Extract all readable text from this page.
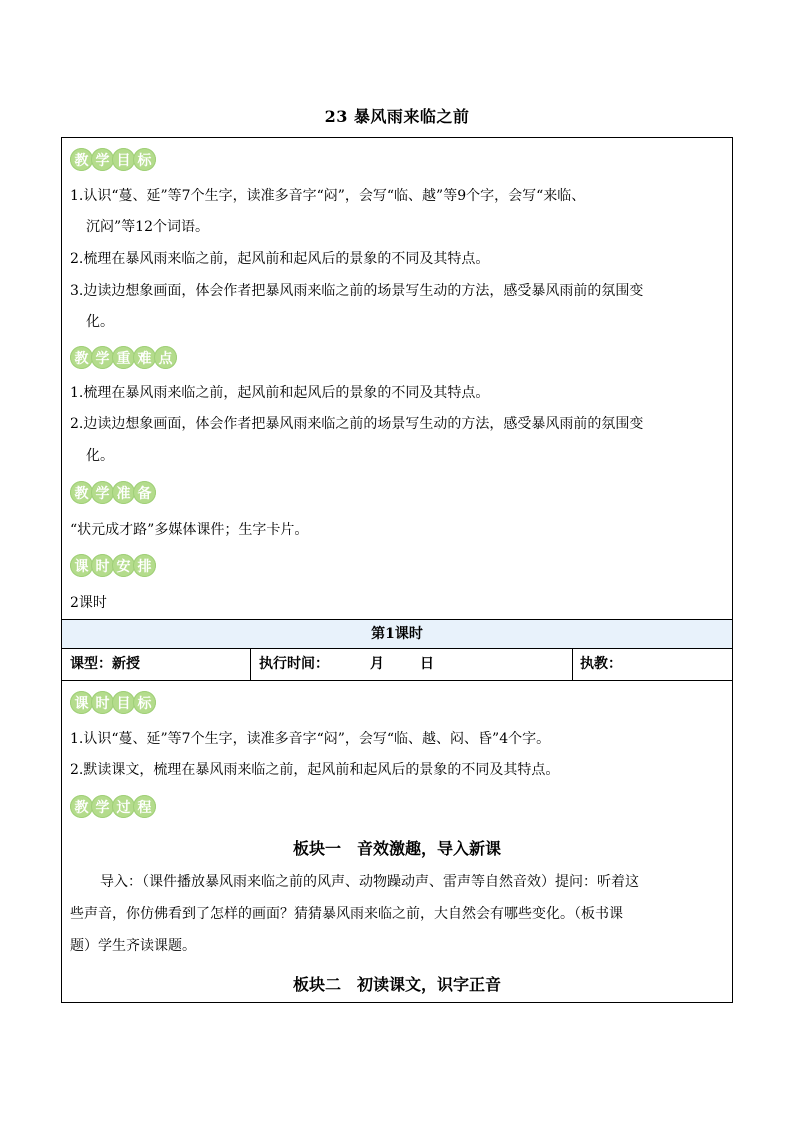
23 暴风雨来临之前
教 学 目 标
1.认识“蔓、延”等7个生字，读准多音字“闷”，会写“临、越”等9个字，会写“来临、
沉闷”等12个词语。
2.梳理在暴风雨来临之前，起风前和起风后的景象的不同及其特点。
3.边读边想象画面，体会作者把暴风雨来临之前的场景写生动的方法，感受暴风雨前的氛围变
化。
教 学 重 难 点
1.梳理在暴风雨来临之前，起风前和起风后的景象的不同及其特点。
2.边读边想象画面，体会作者把暴风雨来临之前的场景写生动的方法，感受暴风雨前的氛围变
化。
教 学 准 备
“状元成才路”多媒体课件；生字卡片。
课 时 安 排
2课时
第1课时
课型：新授	执行时间：	月	日	执教：
课 时 目 标
1.认识“蔓、延”等7个生字，读准多音字“闷”，会写“临、越、闷、昏”4个字。
2.默读课文，梳理在暴风雨来临之前，起风前和起风后的景象的不同及其特点。
教 学 过 程
板块一　音效激趣，导入新课
导入：（课件播放暴风雨来临之前的风声、动物躁动声、雷声等自然音效）提问：听着这
些声音，你仿佛看到了怎样的画面？猜猜暴风雨来临之前，大自然会有哪些变化。（板书课
题）学生齐读课题。
板块二　初读课文，识字正音
